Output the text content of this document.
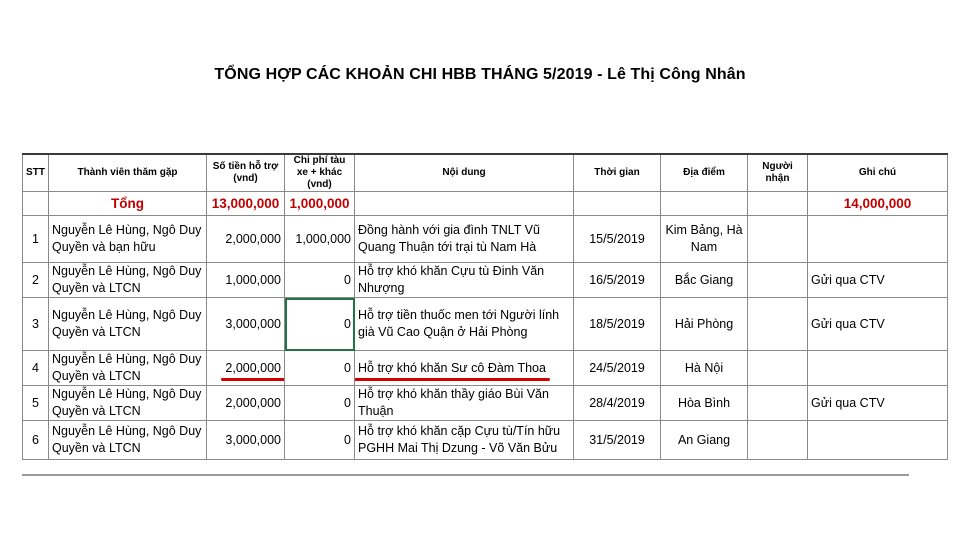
TỔNG HỢP CÁC KHOẢN CHI HBB THÁNG 5/2019 - Lê Thị Công Nhân
STT	Thành viên thăm gặp	Số tiền hỗ trợ (vnd)	Chi phí tàu xe + khác (vnd)	Nội dung	Thời gian	Địa điểm	Người nhận	Ghi chú
	Tổng	13,000,000	1,000,000					14,000,000
1	Nguyễn Lê Hùng, Ngô Duy Quyền và bạn hữu	2,000,000	1,000,000	Đồng hành với gia đình TNLT Vũ Quang Thuận tới trại tù Nam Hà	15/5/2019	Kim Bảng, Hà Nam		
2	Nguyễn Lê Hùng, Ngô Duy Quyền và LTCN	1,000,000	0	Hỗ trợ khó khăn Cựu tù Đinh Văn Nhượng	16/5/2019	Bắc Giang		Gửi qua CTV
3	Nguyễn Lê Hùng, Ngô Duy Quyền và LTCN	3,000,000	0	Hỗ trợ tiền thuốc men tới Người lính già Vũ Cao Quận ở Hải Phòng	18/5/2019	Hải Phòng		Gửi qua CTV
4	Nguyễn Lê Hùng, Ngô Duy Quyền và LTCN	2,000,000	0	Hỗ trợ khó khăn Sư cô Đàm Thoa	24/5/2019	Hà Nội		
5	Nguyễn Lê Hùng, Ngô Duy Quyền và LTCN	2,000,000	0	Hỗ trợ khó khăn thầy giáo Bùi Văn Thuận	28/4/2019	Hòa Bình		Gửi qua CTV
6	Nguyễn Lê Hùng, Ngô Duy Quyền và LTCN	3,000,000	0	Hỗ trợ khó khăn cặp Cựu tù/Tín hữu PGHH Mai Thị Dzung - Võ Văn Bửu	31/5/2019	An Giang		
